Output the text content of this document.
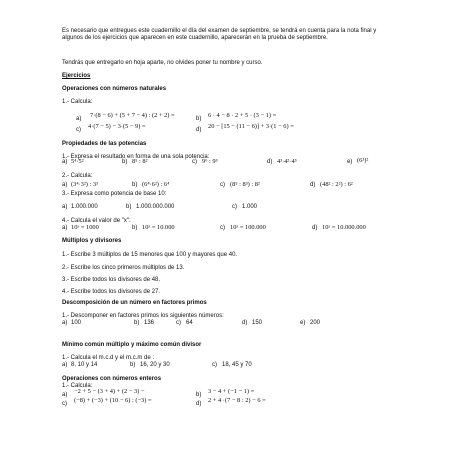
Es necesario que entregues este cuadernillo el día del examen de septiembre, se tendrá en cuenta para la nota final y algunos de los ejercicios que aparecen en este cuadernillo, aparecerán en la prueba de septiembre.
Tendrás que entregarlo en hoja aparte, no olvides poner tu nombre y curso.
Ejercicios
Operaciones con números naturales
1.- Calcula:
a) 7·(8 − 6) + (5 + 7 − 4) : (2 + 2) =	b) 6 · 4 − 8 · 2 + 5 · (3 − 1) =
c) 4·(7 − 5) − 3·(5 − 9) =	d) 20 − [15 − (11 − 6)] + 3·(1 − 6) =
Propiedades de las potencias
1.- Expresa el resultado en forma de una sola potencia:
a) 5⁴·5²	b) 8⁵ : 8²	c) 9⁶ : 9³	d) 4³·4²·4⁵	e) (6³)²
2.- Calcula:
a) (3⁴·3²) : 3³	b) (6⁴·6²) : 6⁴	c) (8⁵ : 8³) : 8²	d) (48² : 2²) : 6²
3.- Expresa como potencia de base 10:
a) 1.000.000	b) 1.000.000.000	c) 1.000
4.- Calcula el valor de "x":
a) 10ˣ = 1000	b) 10ˣ = 10.000	c) 10ˣ = 100.000	d) 10ˣ = 10.000.000
Múltiplos y divisores
1.- Escribe 3 múltiplos de 15 menores que 100 y mayores que 40.
2.- Escribe los cinco primeros múltiplos de 13.
3.- Escribe todos los divisores de 48.
4.- Escribe todos los divisores de 27.
Descomposición de un número en factores primos
1.- Descomponer en factores primos los siguientes números:
a) 100	b) 136	c) 64	d) 150	e) 200
Mínimo común múltiplo y máximo común divisor
1.- Calcula el m.c.d y el m.c.m de :
a) 8, 10 y 14	b) 16, 20 y 30	c) 18, 45 y 70
Operaciones con números enteros
1.- Calcula:
a) −2 + 5 − (3 + 4) + (2 − 3) −	b) 3 − 4 + (−1 − 1) =
c) (−8) + (−3) + (10 − 6) : (−3) =	d) 2 + 4 ·(7 − 8 : 2) − 6 =
